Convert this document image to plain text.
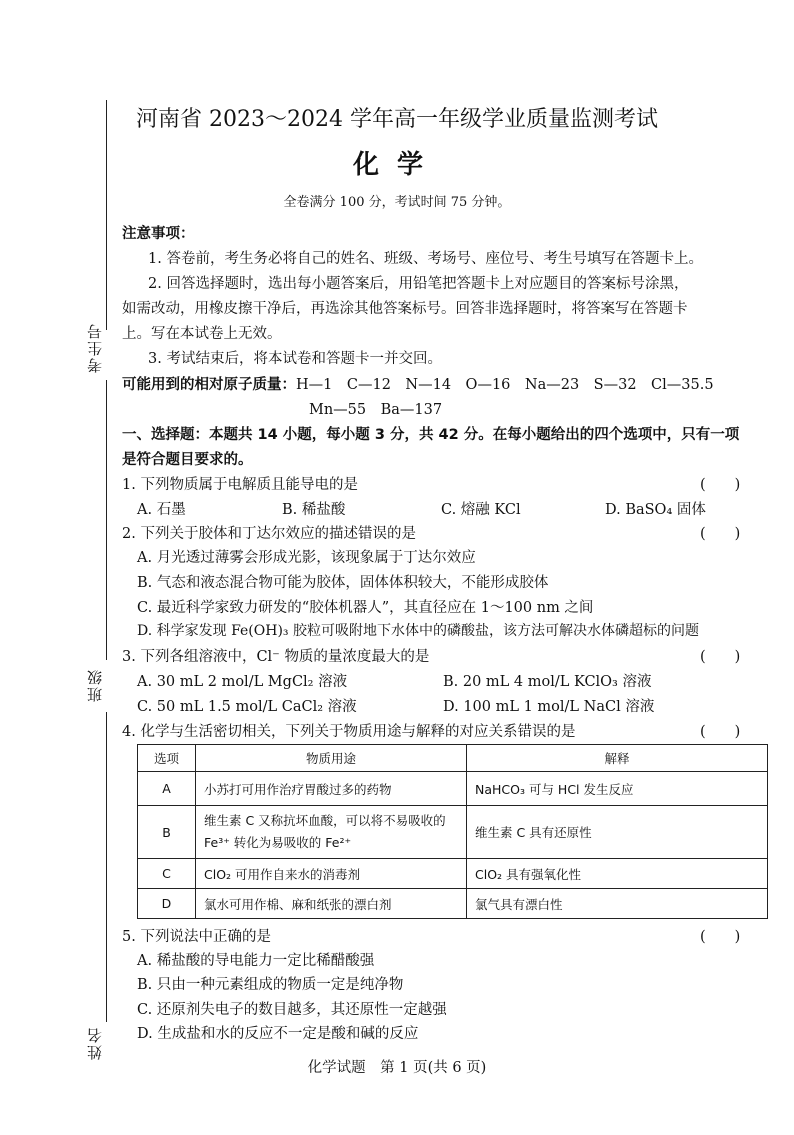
考生号
班级
姓名
河南省 2023～2024 学年高一年级学业质量监测考试
化学
全卷满分 100 分，考试时间 75 分钟。
注意事项：
1. 答卷前，考生务必将自己的姓名、班级、考场号、座位号、考生号填写在答题卡上。
2. 回答选择题时，选出每小题答案后，用铅笔把答题卡上对应题目的答案标号涂黑，
如需改动，用橡皮擦干净后，再选涂其他答案标号。回答非选择题时，将答案写在答题卡
上。写在本试卷上无效。
3. 考试结束后，将本试卷和答题卡一并交回。
可能用到的相对原子质量：H—1　C—12　N—14　O—16　Na—23　S—32　Cl—35.5
Mn—55　Ba—137
一、选择题：本题共 14 小题，每小题 3 分，共 42 分。在每小题给出的四个选项中，只有一项
是符合题目要求的。
1. 下列物质属于电解质且能导电的是	(　　)
A. 石墨	B. 稀盐酸	C. 熔融 KCl	D. BaSO₄ 固体
2. 下列关于胶体和丁达尔效应的描述错误的是	(　　)
A. 月光透过薄雾会形成光影，该现象属于丁达尔效应
B. 气态和液态混合物可能为胶体，固体体积较大，不能形成胶体
C. 最近科学家致力研发的“胶体机器人”，其直径应在 1～100 nm 之间
D. 科学家发现 Fe(OH)₃ 胶粒可吸附地下水体中的磷酸盐，该方法可解决水体磷超标的问题
3. 下列各组溶液中，Cl⁻ 物质的量浓度最大的是	(　　)
A. 30 mL 2 mol/L MgCl₂ 溶液	B. 20 mL 4 mol/L KClO₃ 溶液
C. 50 mL 1.5 mol/L CaCl₂ 溶液	D. 100 mL 1 mol/L NaCl 溶液
4. 化学与生活密切相关，下列关于物质用途与解释的对应关系错误的是	(　　)
选项	物质用途	解释
A	小苏打可用作治疗胃酸过多的药物	NaHCO₃ 可与 HCl 发生反应
B	维生素 C 又称抗坏血酸，可以将不易吸收的 Fe³⁺ 转化为易吸收的 Fe²⁺	维生素 C 具有还原性
C	ClO₂ 可用作自来水的消毒剂	ClO₂ 具有强氧化性
D	氯水可用作棉、麻和纸张的漂白剂	氯气具有漂白性
5. 下列说法中正确的是	(　　)
A. 稀盐酸的导电能力一定比稀醋酸强
B. 只由一种元素组成的物质一定是纯净物
C. 还原剂失电子的数目越多，其还原性一定越强
D. 生成盐和水的反应不一定是酸和碱的反应
化学试题　第 1 页(共 6 页)
